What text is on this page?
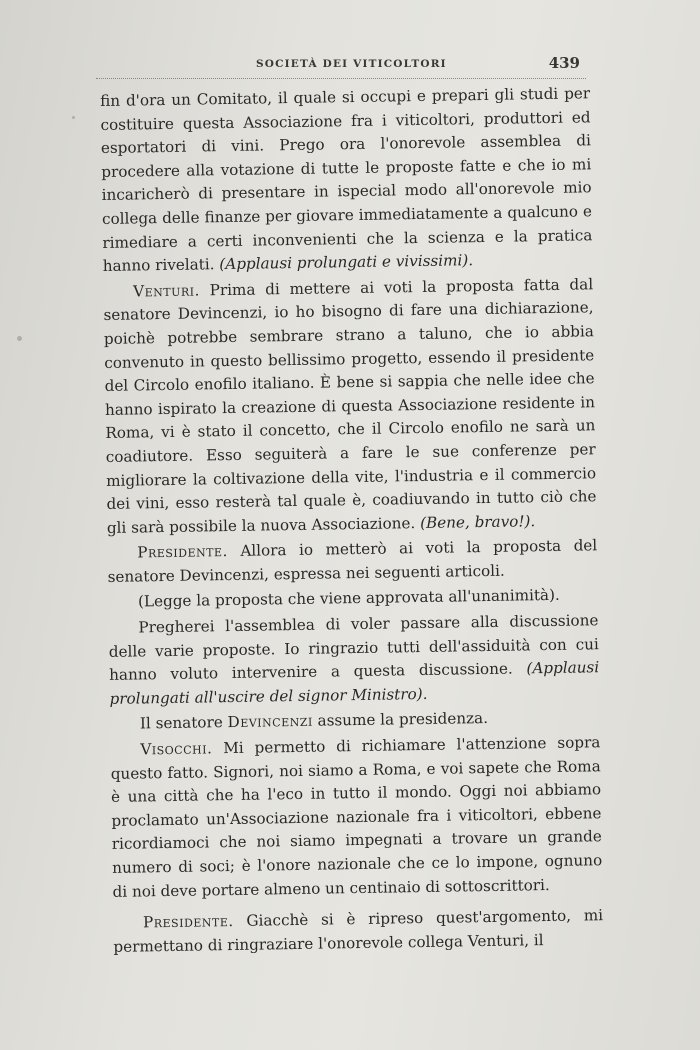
SOCIETÀ DEI VITICOLTORI	439

fin d'ora un Comitato, il quale si occupi e prepari gli studi per costituire questa Associazione fra i viticoltori, produttori ed esportatori di vini. Prego ora l'onorevole assemblea di procedere alla votazione di tutte le proposte fatte e che io mi incaricherò di presentare in ispecial modo all'onorevole mio collega delle finanze per giovare immediatamente a qualcuno e rimediare a certi inconvenienti che la scienza e la pratica hanno rivelati. (Applausi prolungati e vivissimi).

Venturi. Prima di mettere ai voti la proposta fatta dal senatore Devincenzi, io ho bisogno di fare una dichiarazione, poichè potrebbe sembrare strano a taluno, che io abbia convenuto in questo bellissimo progetto, essendo il presidente del Circolo enofilo italiano. È bene si sappia che nelle idee che hanno ispirato la creazione di questa Associazione residente in Roma, vi è stato il concetto, che il Circolo enofilo ne sarà un coadiutore. Esso seguiterà a fare le sue conferenze per migliorare la coltivazione della vite, l'industria e il commercio dei vini, esso resterà tal quale è, coadiuvando in tutto ciò che gli sarà possibile la nuova Associazione. (Bene, bravo!).

Presidente. Allora io metterò ai voti la proposta del senatore Devincenzi, espressa nei seguenti articoli.

(Legge la proposta che viene approvata all'unanimità).

Pregherei l'assemblea di voler passare alla discussione delle varie proposte. Io ringrazio tutti dell'assiduità con cui hanno voluto intervenire a questa discussione. (Applausi prolungati all'uscire del signor Ministro).

Il senatore Devincenzi assume la presidenza.

Visocchi. Mi permetto di richiamare l'attenzione sopra questo fatto. Signori, noi siamo a Roma, e voi sapete che Roma è una città che ha l'eco in tutto il mondo. Oggi noi abbiamo proclamato un'Associazione nazionale fra i viticoltori, ebbene ricordiamoci che noi siamo impegnati a trovare un grande numero di soci; è l'onore nazionale che ce lo impone, ognuno di noi deve portare almeno un centinaio di sottoscrittori.

Presidente. Giacchè si è ripreso quest'argomento, mi permettano di ringraziare l'onorevole collega Venturi, il
